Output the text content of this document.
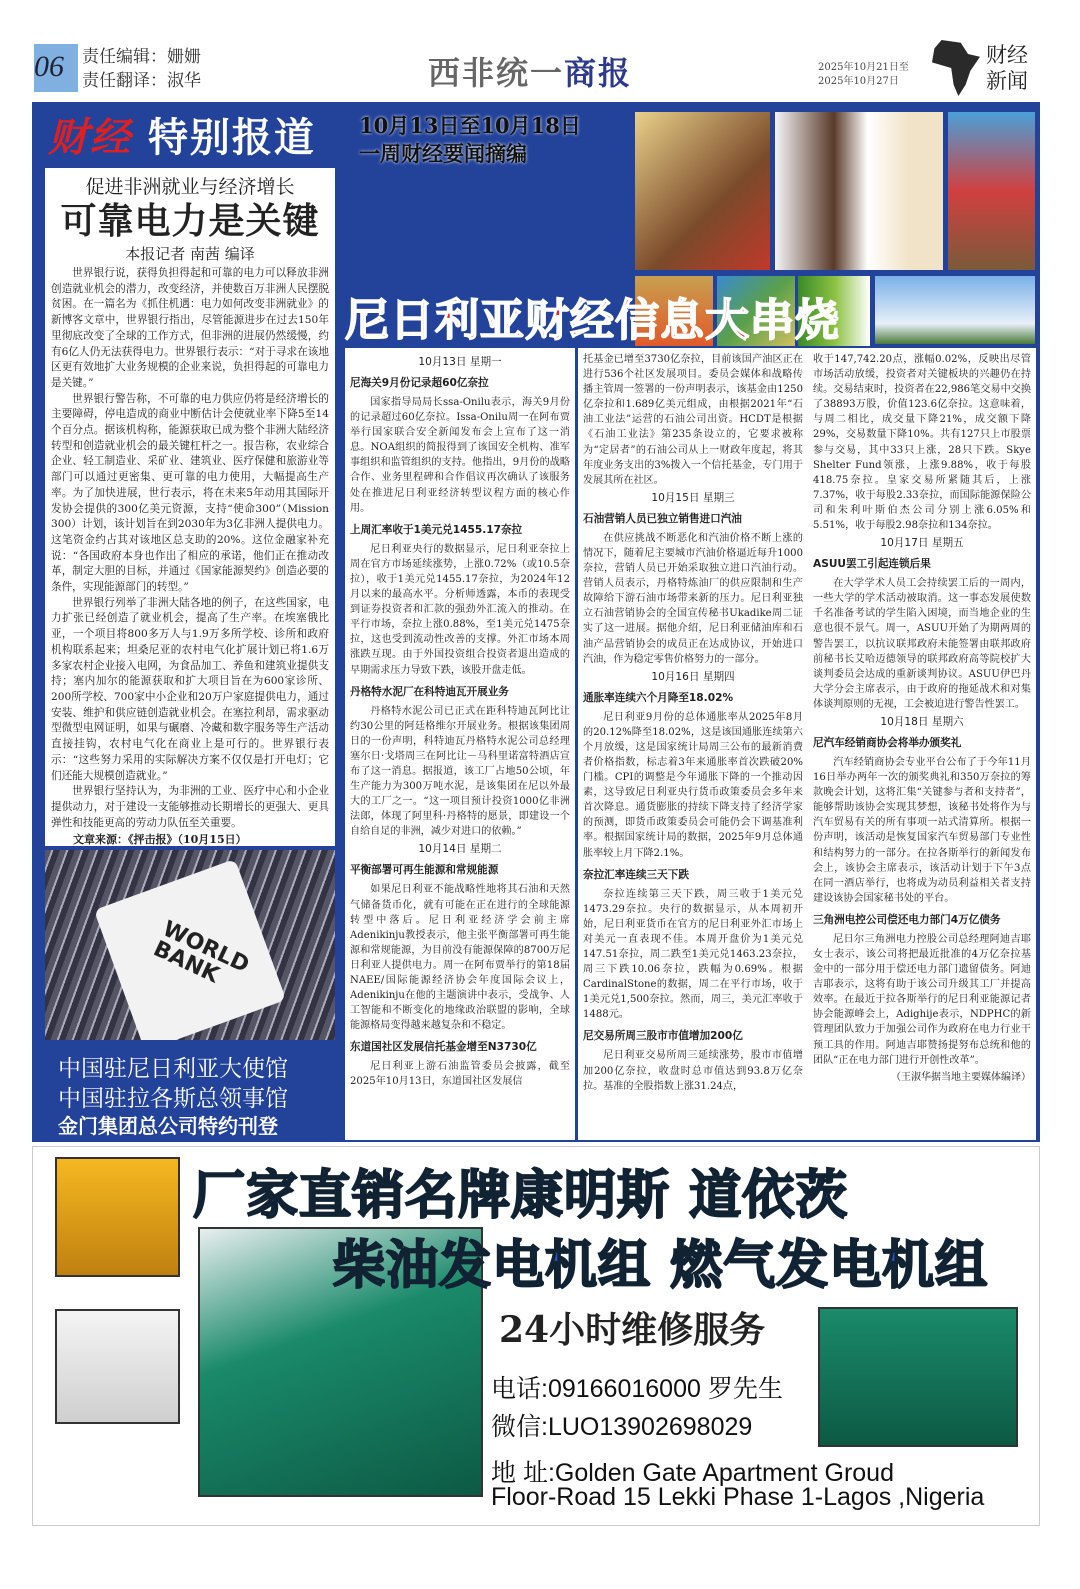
06	责任编辑：姗姗
责任翻译：淑华	西非统一商报	2025年10月21日至
2025年10月27日
财经新闻
财经 特别报道
促进非洲就业与经济增长
可靠电力是关键
本报记者 南茜 编译

世界银行说，获得负担得起和可靠的电力可以释放非洲创造就业机会的潜力，改变经济，并使数百万非洲人民摆脱贫困。在一篇名为《抓住机遇：电力如何改变非洲就业》的新博客文章中，世界银行指出，尽管能源进步在过去150年里彻底改变了全球的工作方式，但非洲的进展仍然缓慢，约有6亿人仍无法获得电力。世界银行表示：“对于寻求在该地区更有效地扩大业务规模的企业来说，负担得起的可靠电力是关键。”

世界银行警告称，不可靠的电力供应仍将是经济增长的主要障碍，停电造成的商业中断估计会使就业率下降5至14个百分点。据该机构称，能源获取已成为整个非洲大陆经济转型和创造就业机会的最关键杠杆之一。报告称，农业综合企业、轻工制造业、采矿业、建筑业、医疗保健和旅游业等部门可以通过更密集、更可靠的电力使用，大幅提高生产率。为了加快进展，世行表示，将在未来5年动用其国际开发协会提供的300亿美元资源，支持“使命300”（Mission 300）计划，该计划旨在到2030年为3亿非洲人提供电力。这笔资金约占其对该地区总支助的20%。这位金融家补充说：“各国政府本身也作出了相应的承诺，他们正在推动改革，制定大胆的目标，并通过《国家能源契约》创造必要的条件，实现能源部门的转型。”

世界银行列举了非洲大陆各地的例子，在这些国家，电力扩张已经创造了就业机会，提高了生产率。在埃塞俄比亚，一个项目将800多万人与1.9万多所学校、诊所和政府机构联系起来；坦桑尼亚的农村电气化扩展计划已将1.6万多家农村企业接入电网，为食品加工、养鱼和建筑业提供支持；塞内加尔的能源获取和扩大项目旨在为600家诊所、200所学校、700家中小企业和20万户家庭提供电力，通过安装、维护和供应链创造就业机会。在塞拉利昂，需求驱动型微型电网证明，如果与碾磨、冷藏和数字服务等生产活动直接挂钩，农村电气化在商业上是可行的。世界银行表示：“这些努力采用的实际解决方案不仅仅是打开电灯；它们还能大规模创造就业。”

世界银行坚持认为，为非洲的工业、医疗中心和小企业提供动力，对于建设一支能够推动长期增长的更强大、更具弹性和技能更高的劳动力队伍至关重要。

文章来源：《抨击报》（10月15日）
WORLD BANK
中国驻尼日利亚大使馆
中国驻拉各斯总领事馆
金门集团总公司特约刊登
10月13日至10月18日
一周财经要闻摘编
尼日利亚财经信息大串烧
10月13日 星期一
尼海关9月份记录超60亿奈拉

国家指导局局长ssa-Onilu表示，海关9月份的记录超过60亿奈拉。Issa-Onilu周一在阿布贾举行国家联合安全新闻发布会上宣布了这一消息。NOA组织的简报得到了该国安全机构、准军事组织和监管组织的支持。他指出，9月份的战略合作、业务里程碑和合作倡议再次确认了该服务处在推进尼日利亚经济转型议程方面的核心作用。

上周汇率收于1美元兑1455.17奈拉

尼日利亚央行的数据显示，尼日利亚奈拉上周在官方市场延续涨势，上涨0.72%（或10.5奈拉），收于1美元兑1455.17奈拉，为2024年12月以来的最高水平。分析师透露，本币的表现受到证券投资者和汇款的强劲外汇流入的推动。在平行市场，奈拉上涨0.88%，至1美元兑1475奈拉，这也受到流动性改善的支撑。外汇市场本周涨跌互现。由于外国投资组合投资者退出造成的早期需求压力导致下跌，该股开盘走低。

丹格特水泥厂在科特迪瓦开展业务

丹格特水泥公司已正式在距科特迪瓦阿比让约30公里的阿廷格维尔开展业务。根据该集团周日的一份声明，科特迪瓦丹格特水泥公司总经理塞尔日·戈塔周三在阿比让－马科里诺富特酒店宣布了这一消息。据报道，该工厂占地50公顷，年生产能力为300万吨水泥，是该集团在尼以外最大的工厂之一。“这一项目预计投资1000亿非洲法郎，体现了阿里科·丹格特的愿景，即建设一个自给自足的非洲，减少对进口的依赖。”

10月14日 星期二
平衡部署可再生能源和常规能源

如果尼日利亚不能战略性地将其石油和天然气储备货币化，就有可能在正在进行的全球能源转型中落后。尼日利亚经济学会前主席Adenikinju教授表示，他主张平衡部署可再生能源和常规能源，为目前没有能源保障的8700万尼日利亚人提供电力。周一在阿布贾举行的第18届NAEE/国际能源经济协会年度国际会议上，Adenikinju在他的主题演讲中表示，受战争、人工智能和不断变化的地缘政治联盟的影响，全球能源格局变得越来越复杂和不稳定。

东道国社区发展信托基金增至N3730亿

尼日利亚上游石油监管委员会披露，截至2025年10月13日，东道国社区发展信

托基金已增至3730亿奈拉，目前该国产油区正在进行536个社区发展项目。委员会媒体和战略传播主管周一签署的一份声明表示，该基金由1250亿奈拉和1.689亿美元组成，由根据2021年“石油工业法”运营的石油公司出资。HCDT是根据《石油工业法》第235条设立的，它要求被称为“定居者”的石油公司从上一财政年度起，将其年度业务支出的3%拨入一个信托基金，专门用于发展其所在社区。

10月15日 星期三
石油营销人员已独立销售进口汽油

在供应挑战不断恶化和汽油价格不断上涨的情况下，随着尼主要城市汽油价格逼近每升1000奈拉，营销人员已开始采取独立进口汽油行动。营销人员表示，丹格特炼油厂的供应限制和生产故障给下游石油市场带来新的压力。尼日利亚独立石油营销协会的全国宣传秘书Ukadike周二证实了这一进展。据他介绍，尼日利亚储油库和石油产品营销协会的成员正在达成协议，开始进口汽油，作为稳定零售价格努力的一部分。

10月16日 星期四
通胀率连续六个月降至18.02%

尼日利亚9月份的总体通胀率从2025年8月的20.12%降至18.02%，这是该国通胀连续第六个月放缓，这是国家统计局周三公布的最新消费者价格指数，标志着3年来通胀率首次跌破20%门槛。CPI的调整是今年通胀下降的一个推动因素，这导致尼日利亚央行货币政策委员会多年来首次降息。通货膨胀的持续下降支持了经济学家的预测，即货币政策委员会可能仍会下调基准利率。根据国家统计局的数据，2025年9月总体通胀率较上月下降2.1%。

奈拉汇率连续三天下跌

奈拉连续第三天下跌，周三收于1美元兑1473.29奈拉。央行的数据显示，从本周初开始，尼日利亚货币在官方的尼日利亚外汇市场上对美元一直表现不佳。本周开盘价为1美元兑147.51奈拉，周二跌至1美元兑1463.23奈拉，周三下跌10.06奈拉，跌幅为0.69%。根据CardinalStone的数据，周二在平行市场，收于1美元兑1,500奈拉。然而，周三，美元汇率收于1488元。

尼交易所周三股市市值增加200亿

尼日利亚交易所周三延续涨势，股市市值增加200亿奈拉，收盘时总市值达到93.8万亿奈拉。基准的全股指数上涨31.24点，

收于147,742.20点，涨幅0.02%，反映出尽管市场活动放缓，投资者对关键板块的兴趣仍在持续。交易结束时，投资者在22,986笔交易中交换了38893万股，价值123.6亿奈拉。这意味着，与周二相比，成交量下降21%，成交额下降29%，交易数量下降10%。共有127只上市股票参与交易，其中33只上涨，28只下跌。Skye Shelter Fund领涨，上涨9.88%，收于每股418.75奈拉。皇家交易所紧随其后，上涨7.37%，收于每股2.33奈拉，而国际能源保险公司和朱利叶斯伯杰公司分别上涨6.05%和5.51%，收于每股2.98奈拉和134奈拉。

10月17日 星期五
ASUU罢工引起连锁后果

在大学学术人员工会持续罢工后的一周内，一些大学的学术活动被取消。这一事态发展使数千名准备考试的学生陷入困境，而当地企业的生意也很不景气。周一，ASUU开始了为期两周的警告罢工，以抗议联邦政府未能签署由联邦政府前秘书长艾哈迈德领导的联邦政府高等院校扩大谈判委员会达成的重新谈判协议。ASUU伊巴丹大学分会主席表示，由于政府的拖延战术和对集体谈判原则的无视，工会被迫进行警告性罢工。

10月18日 星期六
尼汽车经销商协会将举办颁奖礼

汽车经销商协会专业平台公布了于今年11月16日举办两年一次的颁奖典礼和350万奈拉的筹款晚会计划，这将汇集“关键参与者和支持者”，能够帮助该协会实现其梦想，该秘书处将作为与汽车贸易有关的所有事项一站式清算所。根据一份声明，该活动是恢复国家汽车贸易部门专业性和结构努力的一部分。在拉各斯举行的新闻发布会上，该协会主席表示，该活动计划于下午3点在同一酒店举行，也将成为动员利益相关者支持建设该协会国家秘书处的平台。

三角洲电控公司偿还电力部门4万亿债务

尼日尔三角洲电力控股公司总经理阿迪吉耶女士表示，该公司将把最近批准的4万亿奈拉基金中的一部分用于偿还电力部门遗留债务。阿迪吉耶表示，这将有助于该公司升级其工厂并提高效率。在最近于拉各斯举行的尼日利亚能源记者协会能源峰会上，Adighije表示，NDPHC的新管理团队致力于加强公司作为政府在电力行业干预工具的作用。阿迪吉耶赞扬提努布总统和他的团队“正在电力部门进行开创性改革”。

（王淑华据当地主要媒体编译）
厂家直销名牌康明斯 道依茨
柴油发电机组 燃气发电机组
24小时维修服务
电话:09166016000 罗先生
微信:LUO13902698029
地 址:Golden Gate Apartment Groud
Floor-Road 15 Lekki Phase 1-Lagos ,Nigeria
